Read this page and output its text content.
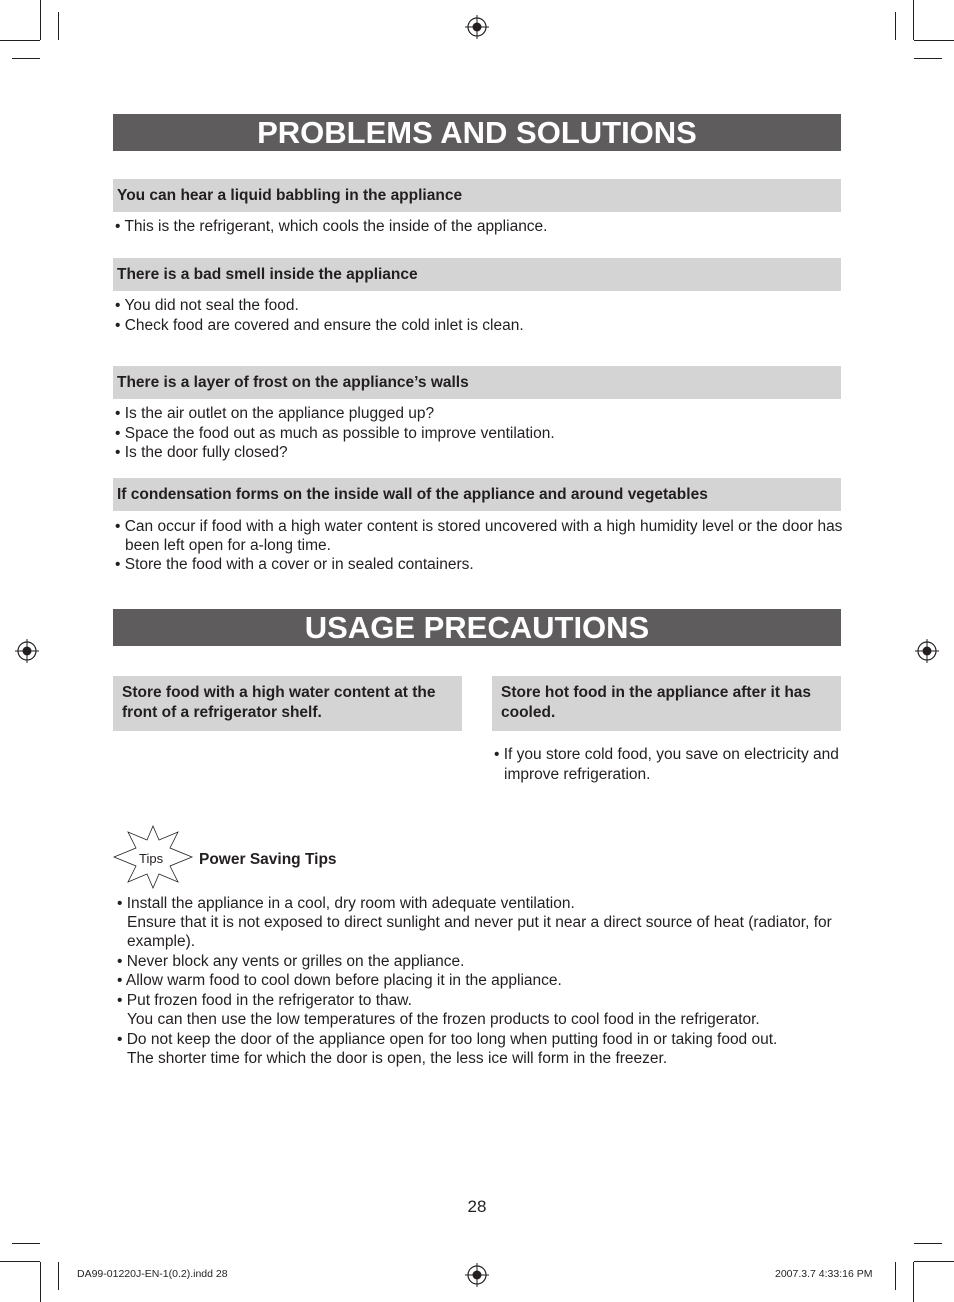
PROBLEMS AND SOLUTIONS
You can hear a liquid babbling in the appliance
• This is the refrigerant, which cools the inside of the appliance.
There is a bad smell inside the appliance
• You did not seal the food.
• Check food are covered and ensure the cold inlet is clean.
There is a layer of frost on the appliance’s walls
• Is the air outlet on the appliance plugged up?
• Space the food out as much as possible to improve ventilation.
• Is the door fully closed?
If condensation forms on the inside wall of the appliance and around vegetables
• Can occur if food with a high water content is stored uncovered with a high humidity level or the door has
been left open for a-long time.
• Store the food with a cover or in sealed containers.
USAGE PRECAUTIONS
Store food with a high water content at the
front of a refrigerator shelf.
Store hot food in the appliance after it has
cooled.
• If you store cold food, you save on electricity and
improve refrigeration.
Tips Power Saving Tips
• Install the appliance in a cool, dry room with adequate ventilation.
Ensure that it is not exposed to direct sunlight and never put it near a direct source of heat (radiator, for
example).
• Never block any vents or grilles on the appliance.
• Allow warm food to cool down before placing it in the appliance.
• Put frozen food in the refrigerator to thaw.
You can then use the low temperatures of the frozen products to cool food in the refrigerator.
• Do not keep the door of the appliance open for too long when putting food in or taking food out.
The shorter time for which the door is open, the less ice will form in the freezer.
28
DA99-01220J-EN-1(0.2).indd 28	2007.3.7 4:33:16 PM
